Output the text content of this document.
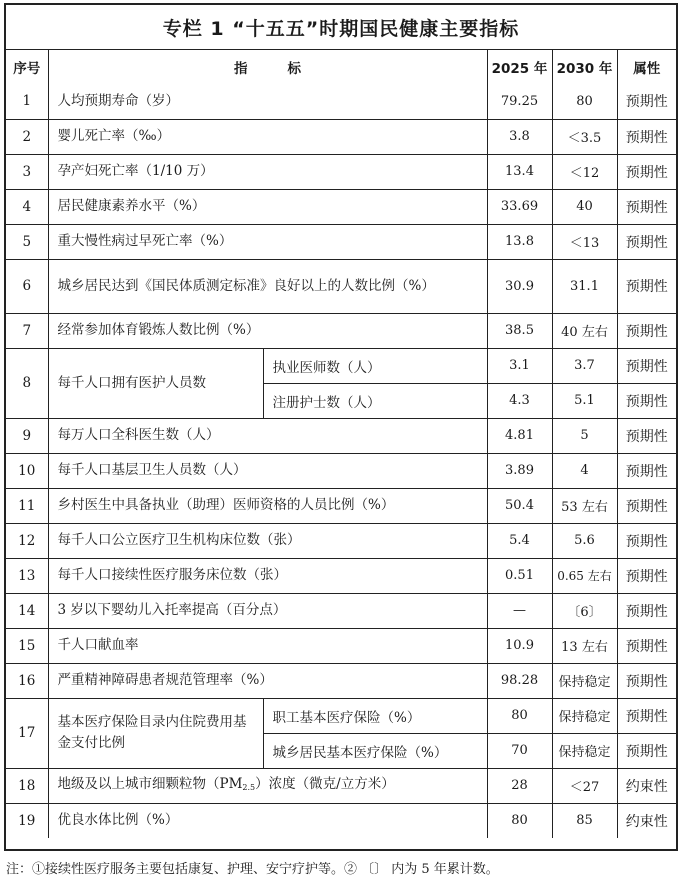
专栏 1 “十五五”时期国民健康主要指标
序号	指标		2025 年	2030 年	属性
1	人均预期寿命（岁）		79.25	80	预期性
2	婴儿死亡率（‰）		3.8	＜3.5	预期性
3	孕产妇死亡率（1/10 万）		13.4	＜12	预期性
4	居民健康素养水平（%）		33.69	40	预期性
5	重大慢性病过早死亡率（%）		13.8	＜13	预期性
6	城乡居民达到《国民体质测定标准》良好以上的人数比例（%）		30.9	31.1	预期性
7	经常参加体育锻炼人数比例（%）		38.5	40 左右	预期性
8	每千人口拥有医护人员数	执业医师数（人）	3.1	3.7	预期性
		注册护士数（人）	4.3	5.1	预期性
9	每万人口全科医生数（人）		4.81	5	预期性
10	每千人口基层卫生人员数（人）		3.89	4	预期性
11	乡村医生中具备执业（助理）医师资格的人员比例（%）		50.4	53 左右	预期性
12	每千人口公立医疗卫生机构床位数（张）		5.4	5.6	预期性
13	每千人口接续性医疗服务床位数（张）		0.51	0.65 左右	预期性
14	3 岁以下婴幼儿入托率提高（百分点）		—	〔6〕	预期性
15	千人口献血率		10.9	13 左右	预期性
16	严重精神障碍患者规范管理率（%）		98.28	保持稳定	预期性
17	基本医疗保险目录内住院费用基金支付比例	职工基本医疗保险（%）	80	保持稳定	预期性
		城乡居民基本医疗保险（%）	70	保持稳定	预期性
18	地级及以上城市细颗粒物（PM2.5）浓度（微克/立方米）		28	＜27	约束性
19	优良水体比例（%）		80	85	约束性
注：①接续性医疗服务主要包括康复、护理、安宁疗护等。② 〔〕 内为 5 年累计数。
